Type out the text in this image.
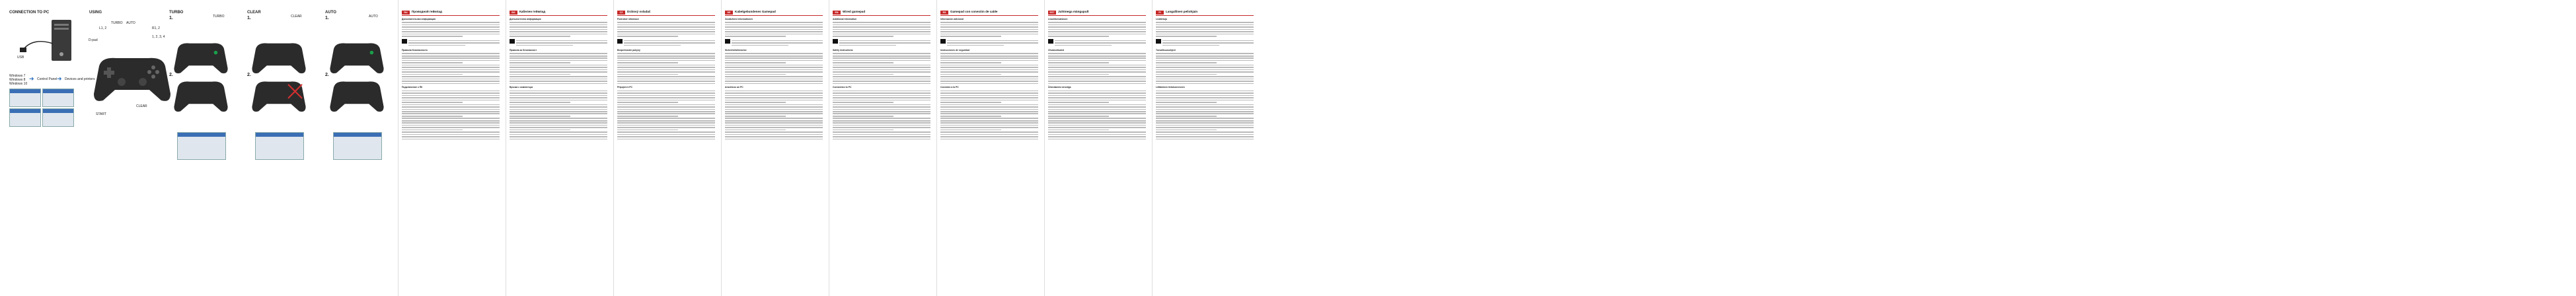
CONNECTION TO PC
USB
Windows 7
Windows 8
Windows 10
➜ Control Panel ➜ Devices and printers
USING
L1, 2
TURBO AUTO
R1, 2
1, 2, 3, 4
D-pad
CLEAR
START
TURBO
1.	TURBO
2.
CLEAR
1.	CLEAR
2.
AUTO
1.	AUTO
2.
RU	Проводной геймпад
Дополнительная информация
Правила безопасности
Подключение к ПК
BG	Кабелен геймпад
Допълнителна информация
Правила за безопасност
Връзка с компютъра
CZ	Drátový ovladač
Podrobné informace
Bezpečnostní pokyny
Připojení k PC
DE	Kabelgebundenes Gamepad
Zusätzliche Informationen
Sicherheitshinweise
Anschluss an PC
EN	Wired gamepad
Additional information
Safety instructions
Connection to PC
ES	Gamepad con conexión de cable
Información adicional
Instrucciones de seguridad
Conexión a la PC
EST	Juhtmega mängupult
Lisainformatsioon
Ohutusnõuded
Ühendamine arvutiga
FI	Langallinen peliohjain
Lisätietoja
Turvallisuusohjeet
Liittäminen tietokoneeseen
